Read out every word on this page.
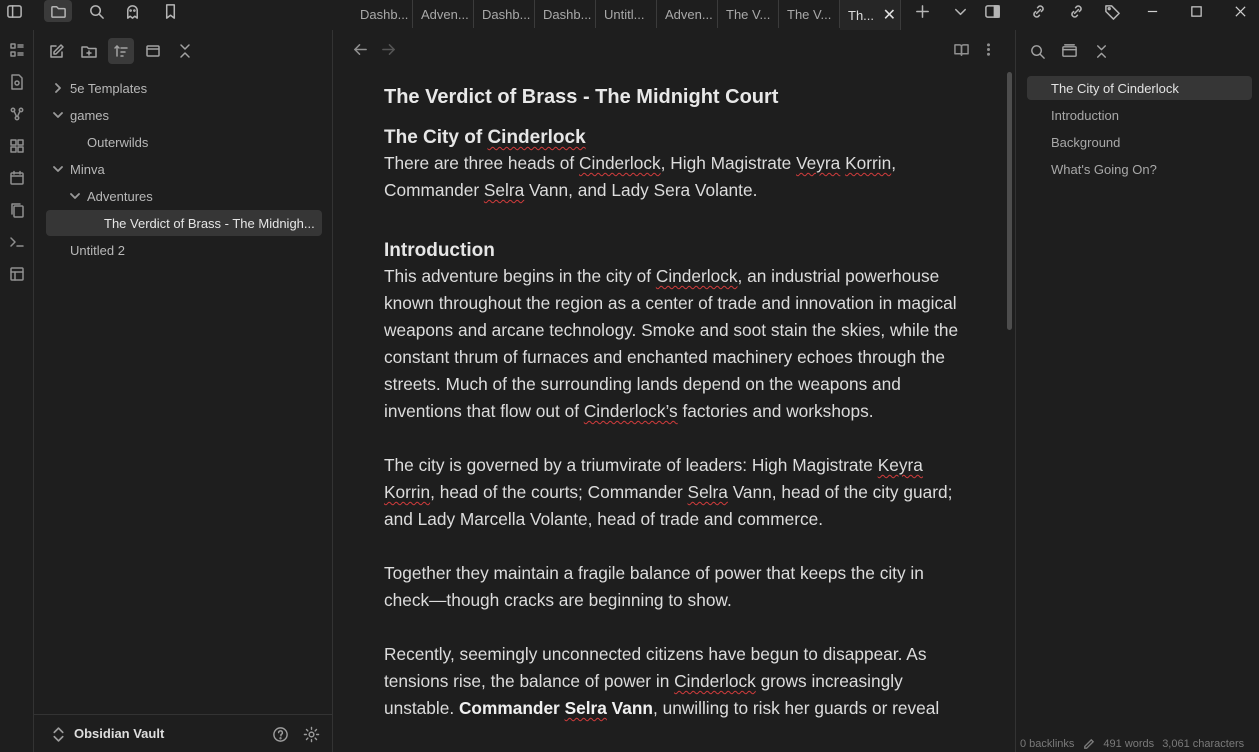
Dashb... Adven... Dashb... Dashb... Untitl... Adven... The V... The V... Th... ✕
5e Templates
games
Outerwilds
Minva
Adventures
The Verdict of Brass - The Midnigh...
Untitled 2
Obsidian Vault
The Verdict of Brass - The Midnight Court
The City of Cinderlock
There are three heads of Cinderlock, High Magistrate Veyra Korrin, Commander Selra Vann, and Lady Sera Volante.
Introduction
This adventure begins in the city of Cinderlock, an industrial powerhouse known throughout the region as a center of trade and innovation in magical weapons and arcane technology. Smoke and soot stain the skies, while the constant thrum of furnaces and enchanted machinery echoes through the streets. Much of the surrounding lands depend on the weapons and inventions that flow out of Cinderlock’s factories and workshops.
The city is governed by a triumvirate of leaders: High Magistrate Keyra Korrin, head of the courts; Commander Selra Vann, head of the city guard; and Lady Marcella Volante, head of trade and commerce.
Together they maintain a fragile balance of power that keeps the city in check—though cracks are beginning to show.
Recently, seemingly unconnected citizens have begun to disappear. As tensions rise, the balance of power in Cinderlock grows increasingly unstable. Commander Selra Vann, unwilling to risk her guards or reveal
The City of Cinderlock
Introduction
Background
What's Going On?
0 backlinks	491 words 3,061 characters
